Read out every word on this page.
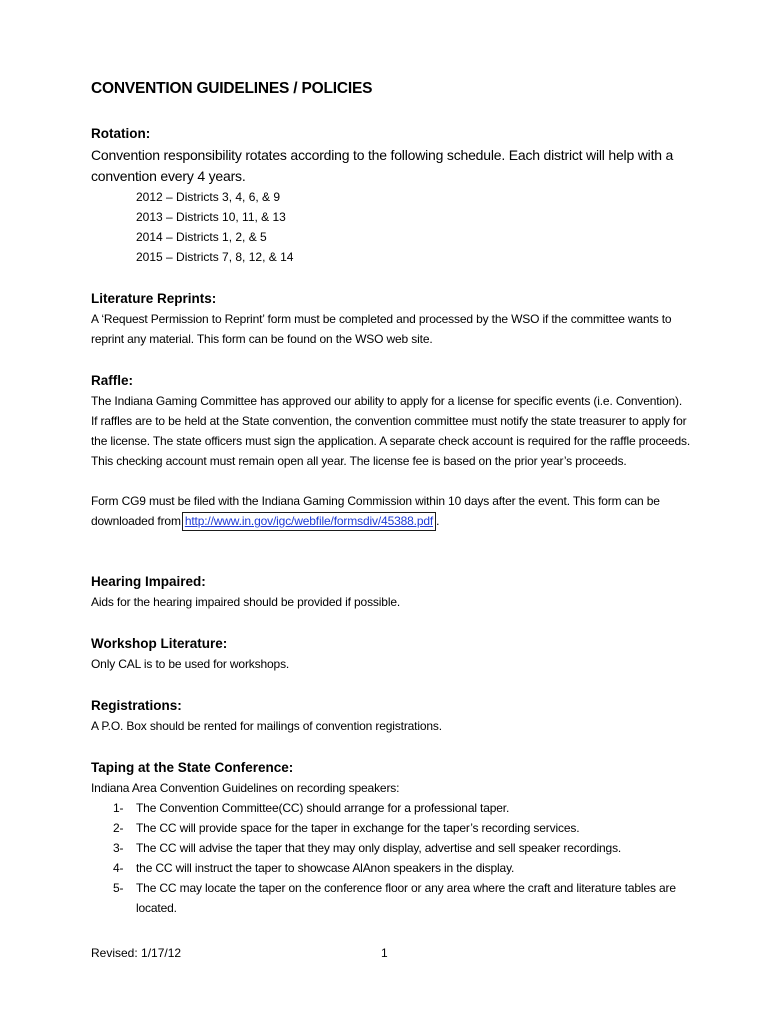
CONVENTION GUIDELINES / POLICIES
Rotation:
Convention responsibility rotates according to the following schedule. Each district will help with a convention every 4 years.
2012 – Districts 3, 4, 6, & 9
2013 – Districts 10, 11, & 13
2014 – Districts 1, 2, & 5
2015 – Districts 7, 8, 12, & 14
Literature Reprints:
A ‘Request Permission to Reprint’ form must be completed and processed by the WSO if the committee wants to reprint any material. This form can be found on the WSO web site.
Raffle:
The Indiana Gaming Committee has approved our ability to apply for a license for specific events (i.e. Convention). If raffles are to be held at the State convention, the convention committee must notify the state treasurer to apply for the license. The state officers must sign the application. A separate check account is required for the raffle proceeds. This checking account must remain open all year. The license fee is based on the prior year’s proceeds.
Form CG9 must be filed with the Indiana Gaming Commission within 10 days after the event. This form can be downloaded from http://www.in.gov/igc/webfile/formsdiv/45388.pdf .
Hearing Impaired:
Aids for the hearing impaired should be provided if possible.
Workshop Literature:
Only CAL is to be used for workshops.
Registrations:
A P.O. Box should be rented for mailings of convention registrations.
Taping at the State Conference:
Indiana Area Convention Guidelines on recording speakers:
1- The Convention Committee(CC) should arrange for a professional taper.
2- The CC will provide space for the taper in exchange for the taper’s recording services.
3- The CC will advise the taper that they may only display, advertise and sell speaker recordings.
4- the CC will instruct the taper to showcase AlAnon speakers in the display.
5- The CC may locate the taper on the conference floor or any area where the craft and literature tables are located.
Revised: 1/17/12	1
